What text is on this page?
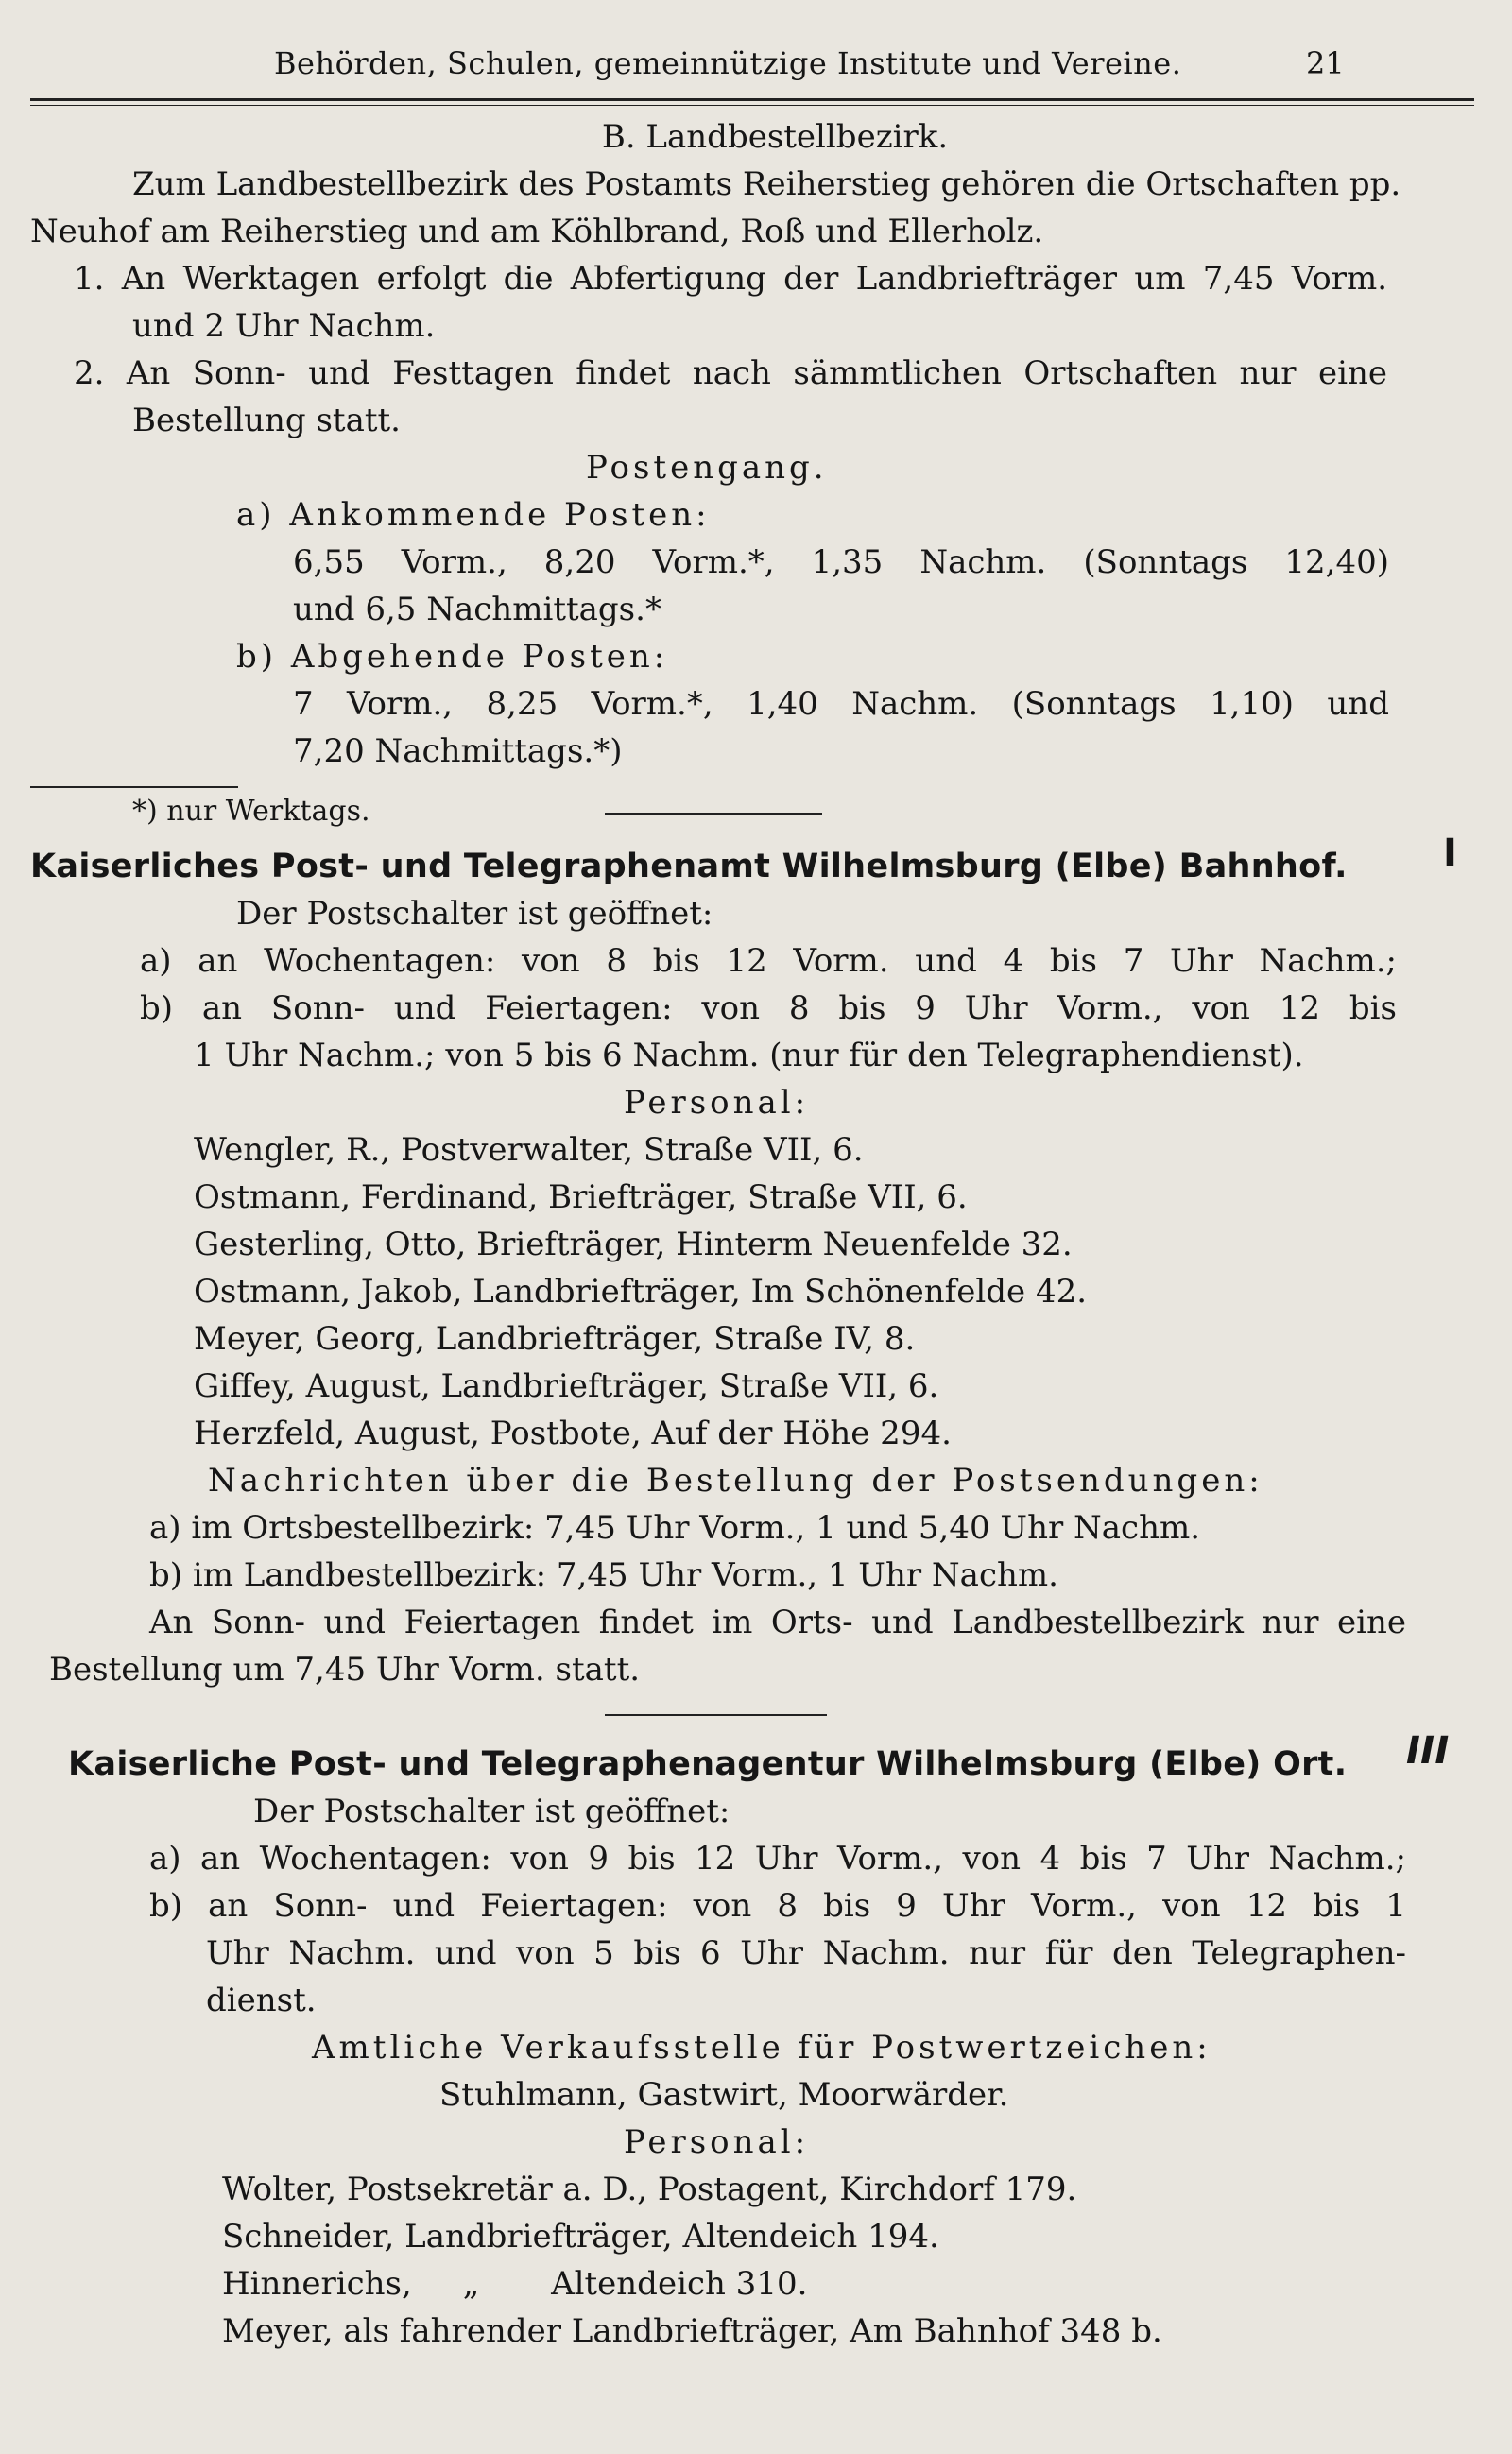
Behörden, Schulen, gemeinnützige Institute und Vereine.	21
B. Landbestellbezirk.
Zum Landbestellbezirk des Postamts Reiherstieg gehören die Ortschaften pp.
Neuhof am Reiherstieg und am Köhlbrand, Roß und Ellerholz.
1. An Werktagen erfolgt die Abfertigung der Landbriefträger um 7,45 Vorm.
und 2 Uhr Nachm.
2. An Sonn- und Festtagen findet nach sämmtlichen Ortschaften nur eine
Bestellung statt.
Postengang.
a) Ankommende Posten:
6,55 Vorm., 8,20 Vorm.*, 1,35 Nachm. (Sonntags 12,40)
und 6,5 Nachmittags.*
b) Abgehende Posten:
7 Vorm., 8,25 Vorm.*, 1,40 Nachm. (Sonntags 1,10) und
7,20 Nachmittags.*)
*) nur Werktags.
Kaiserliches Post- und Telegraphenamt Wilhelmsburg (Elbe) Bahnhof.	I
Der Postschalter ist geöffnet:
a) an Wochentagen: von 8 bis 12 Vorm. und 4 bis 7 Uhr Nachm.;
b) an Sonn- und Feiertagen: von 8 bis 9 Uhr Vorm., von 12 bis
1 Uhr Nachm.; von 5 bis 6 Nachm. (nur für den Telegraphendienst).
Personal:
Wengler, R., Postverwalter, Straße VII, 6.
Ostmann, Ferdinand, Briefträger, Straße VII, 6.
Gesterling, Otto, Briefträger, Hinterm Neuenfelde 32.
Ostmann, Jakob, Landbriefträger, Im Schönenfelde 42.
Meyer, Georg, Landbriefträger, Straße IV, 8.
Giffey, August, Landbriefträger, Straße VII, 6.
Herzfeld, August, Postbote, Auf der Höhe 294.
Nachrichten über die Bestellung der Postsendungen:
a) im Ortsbestellbezirk: 7,45 Uhr Vorm., 1 und 5,40 Uhr Nachm.
b) im Landbestellbezirk: 7,45 Uhr Vorm., 1 Uhr Nachm.
An Sonn- und Feiertagen findet im Orts- und Landbestellbezirk nur eine
Bestellung um 7,45 Uhr Vorm. statt.
Kaiserliche Post- und Telegraphenagentur Wilhelmsburg (Elbe) Ort. III
Der Postschalter ist geöffnet:
a) an Wochentagen: von 9 bis 12 Uhr Vorm., von 4 bis 7 Uhr Nachm.;
b) an Sonn- und Feiertagen: von 8 bis 9 Uhr Vorm., von 12 bis 1
Uhr Nachm. und von 5 bis 6 Uhr Nachm. nur für den Telegraphen-
dienst.
Amtliche Verkaufsstelle für Postwertzeichen:
Stuhlmann, Gastwirt, Moorwärder.
Personal:
Wolter, Postsekretär a. D., Postagent, Kirchdorf 179.
Schneider, Landbriefträger, Altendeich 194.
Hinnerichs,     „       Altendeich 310.
Meyer, als fahrender Landbriefträger, Am Bahnhof 348 b.
